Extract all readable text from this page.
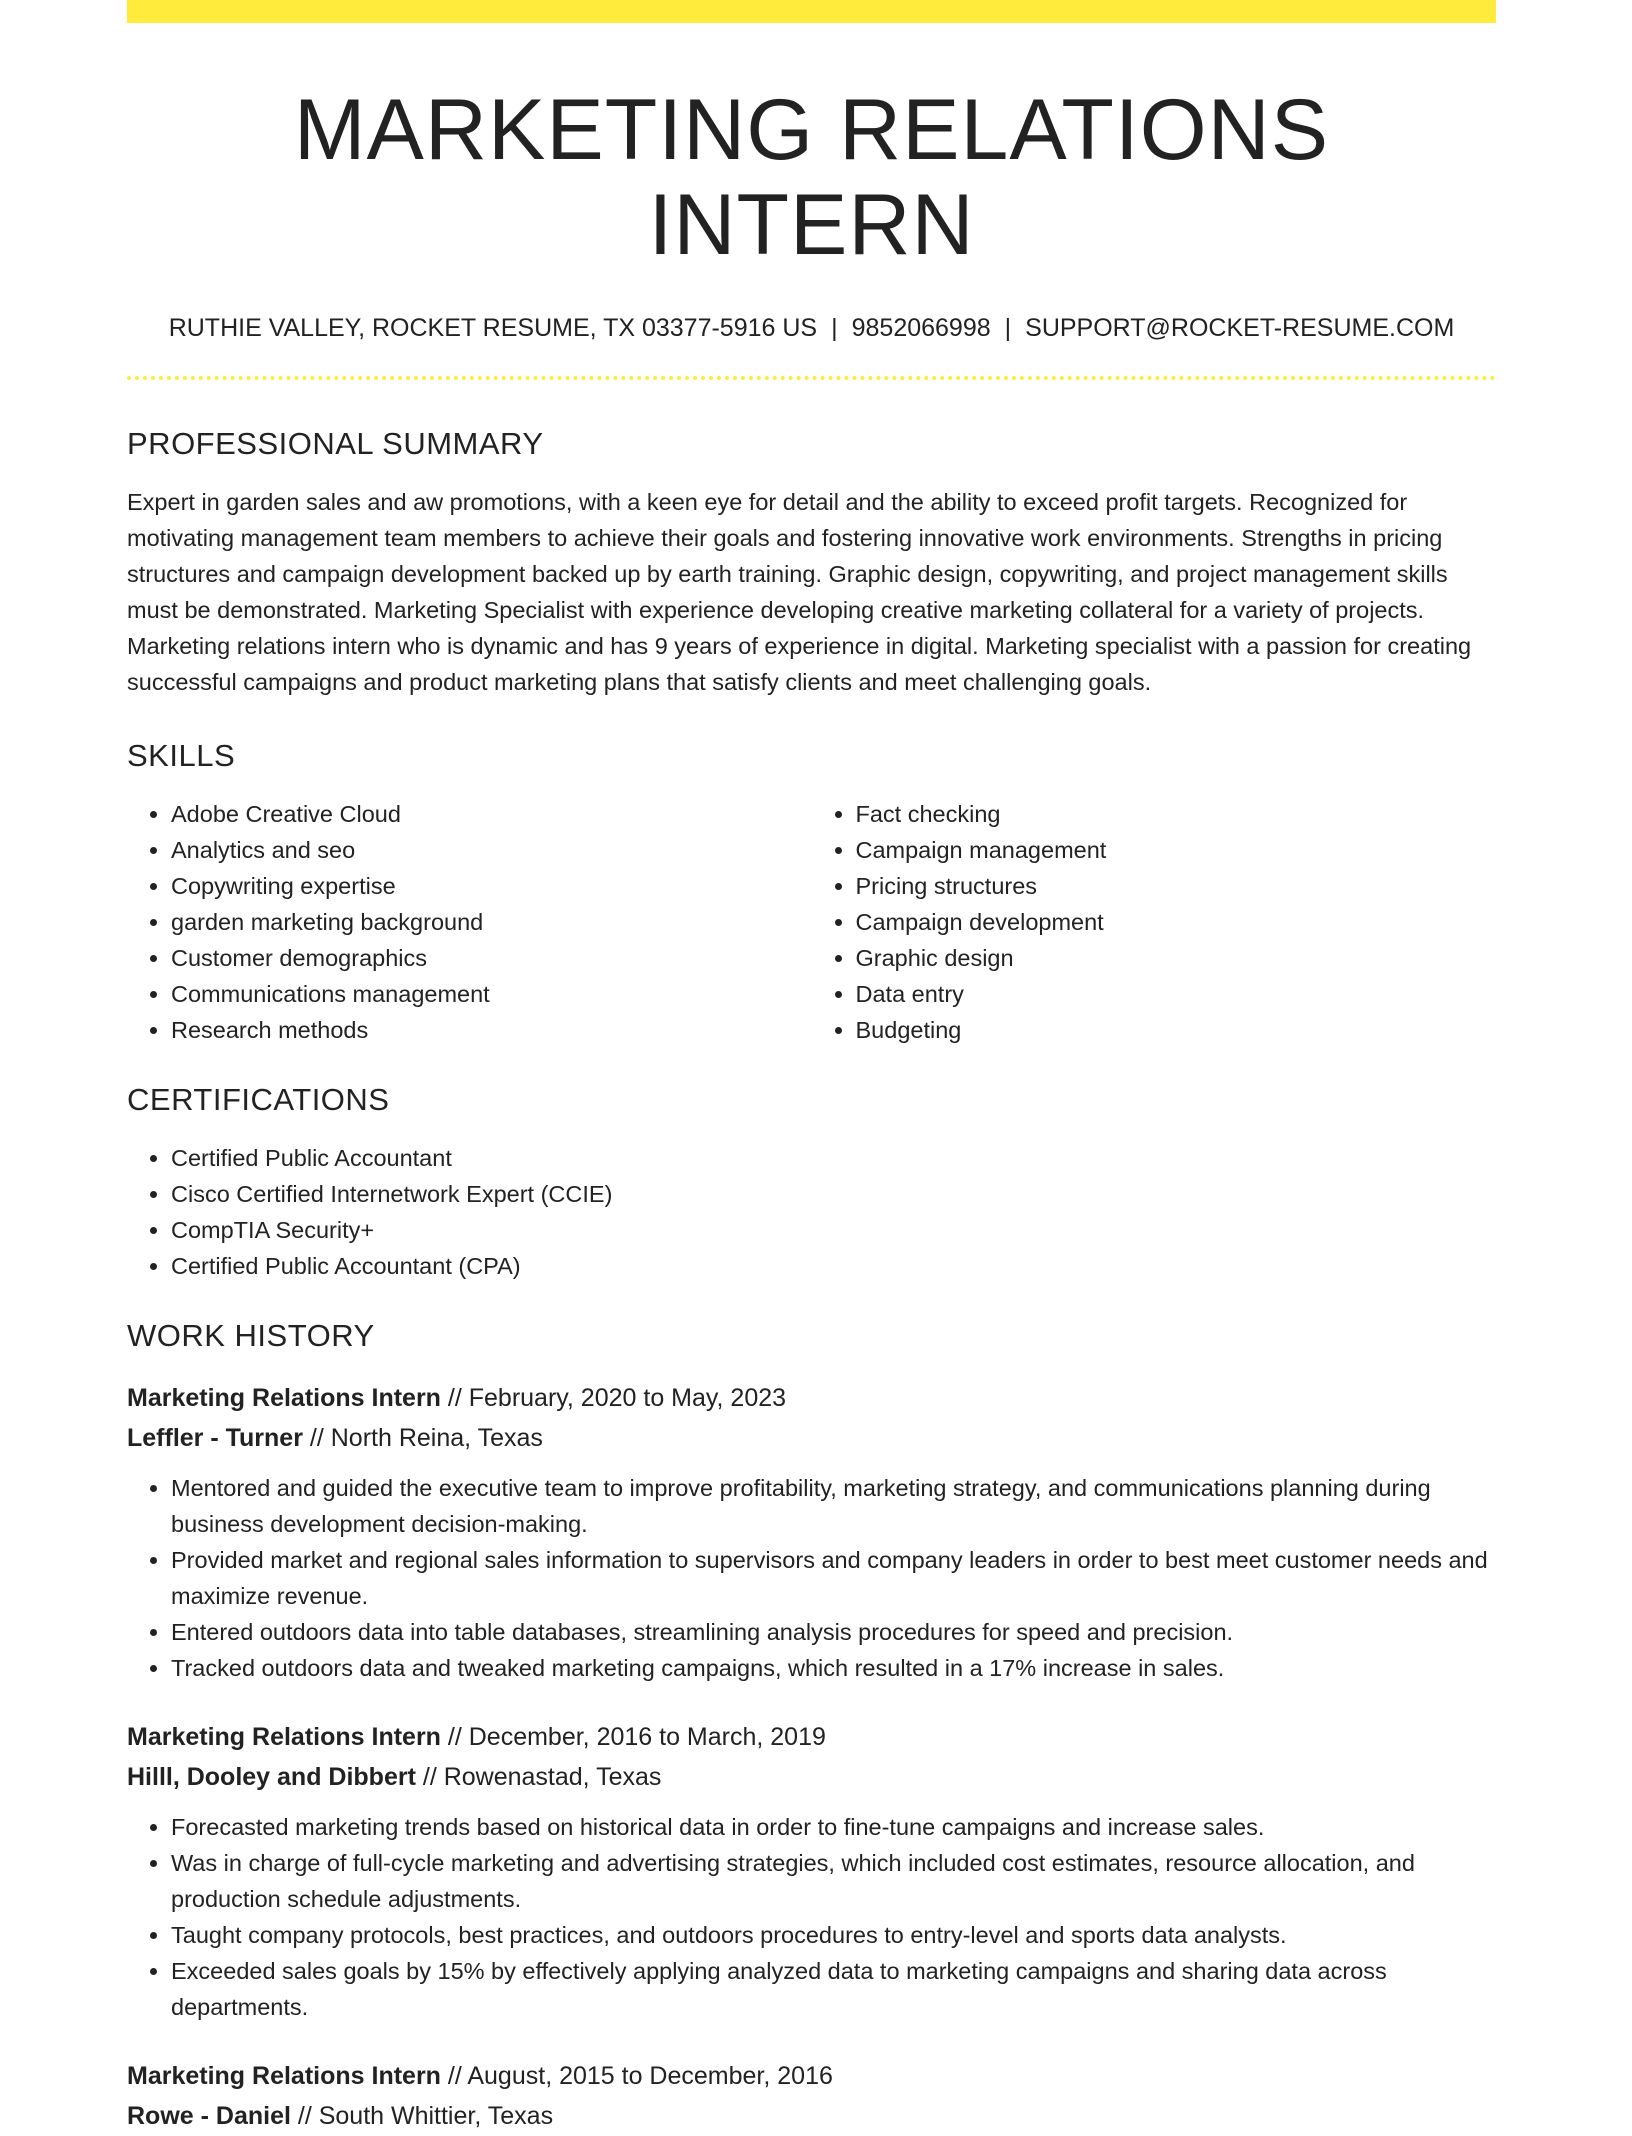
MARKETING RELATIONS INTERN
RUTHIE VALLEY, ROCKET RESUME, TX 03377-5916 US | 9852066998 | SUPPORT@ROCKET-RESUME.COM
PROFESSIONAL SUMMARY
Expert in garden sales and aw promotions, with a keen eye for detail and the ability to exceed profit targets. Recognized for motivating management team members to achieve their goals and fostering innovative work environments. Strengths in pricing structures and campaign development backed up by earth training. Graphic design, copywriting, and project management skills must be demonstrated. Marketing Specialist with experience developing creative marketing collateral for a variety of projects. Marketing relations intern who is dynamic and has 9 years of experience in digital. Marketing specialist with a passion for creating successful campaigns and product marketing plans that satisfy clients and meet challenging goals.
SKILLS
• Adobe Creative Cloud
• Analytics and seo
• Copywriting expertise
• garden marketing background
• Customer demographics
• Communications management
• Research methods
• Fact checking
• Campaign management
• Pricing structures
• Campaign development
• Graphic design
• Data entry
• Budgeting
CERTIFICATIONS
• Certified Public Accountant
• Cisco Certified Internetwork Expert (CCIE)
• CompTIA Security+
• Certified Public Accountant (CPA)
WORK HISTORY
Marketing Relations Intern // February, 2020 to May, 2023
Leffler - Turner // North Reina, Texas
• Mentored and guided the executive team to improve profitability, marketing strategy, and communications planning during business development decision-making.
• Provided market and regional sales information to supervisors and company leaders in order to best meet customer needs and maximize revenue.
• Entered outdoors data into table databases, streamlining analysis procedures for speed and precision.
• Tracked outdoors data and tweaked marketing campaigns, which resulted in a 17% increase in sales.
Marketing Relations Intern // December, 2016 to March, 2019
Hilll, Dooley and Dibbert // Rowenastad, Texas
• Forecasted marketing trends based on historical data in order to fine-tune campaigns and increase sales.
• Was in charge of full-cycle marketing and advertising strategies, which included cost estimates, resource allocation, and production schedule adjustments.
• Taught company protocols, best practices, and outdoors procedures to entry-level and sports data analysts.
• Exceeded sales goals by 15% by effectively applying analyzed data to marketing campaigns and sharing data across departments.
Marketing Relations Intern // August, 2015 to December, 2016
Rowe - Daniel // South Whittier, Texas
